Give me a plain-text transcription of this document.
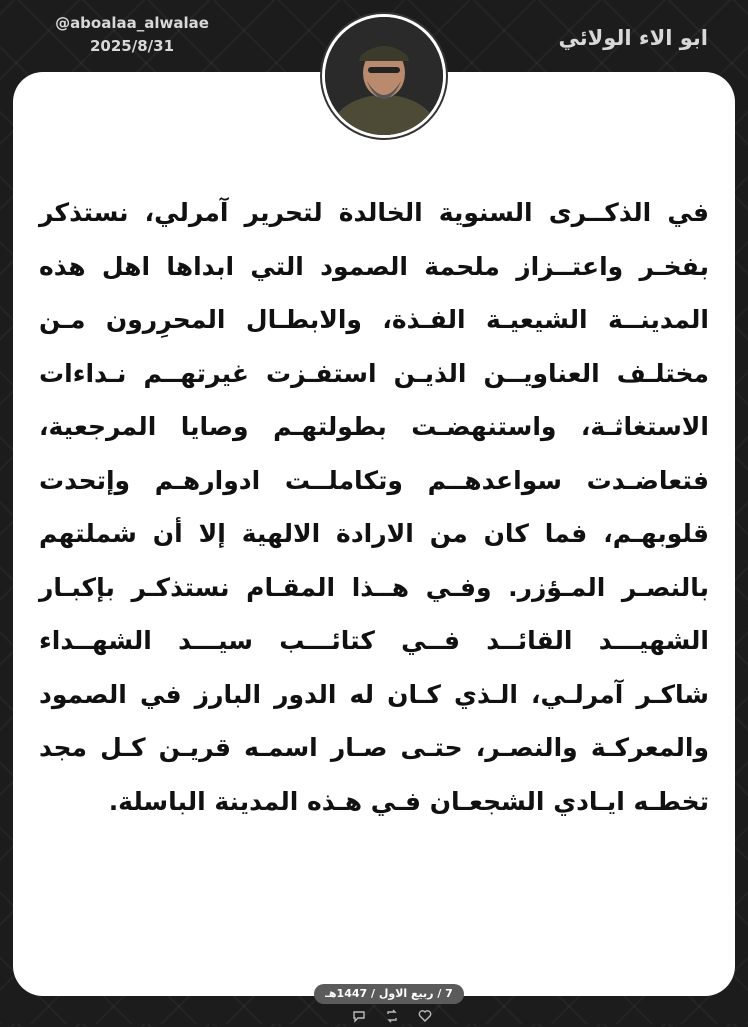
@aboalaa_alwalae
2025/8/31	ابو الاء الولائي
في الذكــرى السنوية الخالدة لتحرير آمرلي، نستذكر
بفخـر واعتــزاز ملحمة الصمود التي ابداها اهل هذه
المدينــة الشيعيـة الفـذة، والابطـال المحرِرون مـن
مختلـف العناويــن الذيـن استفـزت غيرتهــم نـداءات
الاستغاثـة، واستنهضـت بطولتهـم وصايا المرجعية،
فتعاضـدت سواعدهــم وتكاملــت ادوارهـم وإتحدت
قلوبهـم، فما كان من الارادة الالهية إلا أن شملتهم
بالنصـر المـؤزر. وفـي هــذا المقـام نستذكـر بإكبـار
الشهيـــد القائــد فــي كتائـــب سيـــد الشهــداء
شاكـر آمرلـي، الـذي كـان له الدور البارز في الصمود
والمعركـة والنصـر، حتـى صـار اسمـه قريـن كـل مجد
تخطـه ايـادي الشجعـان فـي هـذه المدينة الباسلة.
7 / ربيع الاول / 1447هـ
